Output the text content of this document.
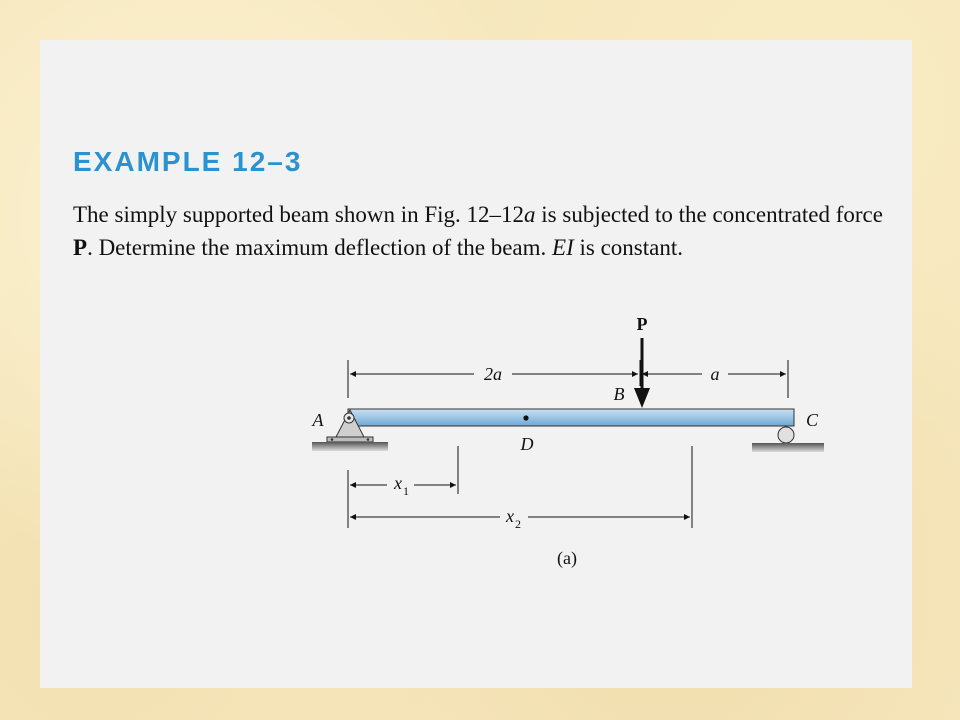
EXAMPLE 12–3

The simply supported beam shown in Fig. 12–12a is subjected to the concentrated force P. Determine the maximum deflection of the beam. EI is constant.

2a	a
P
A
B
C
D
x 1
x 2
(a)
